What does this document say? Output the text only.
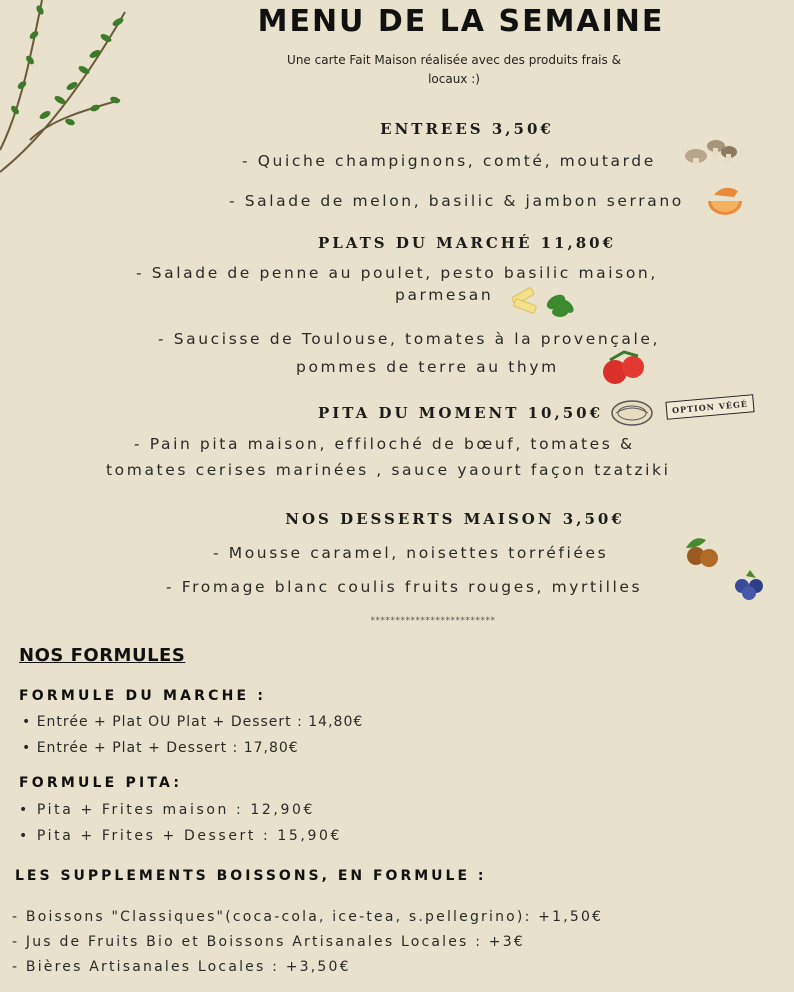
MENU DE LA SEMAINE
Une carte Fait Maison réalisée avec des produits frais &
locaux :)
ENTREES 3,50€
- Quiche champignons, comté, moutarde
- Salade de melon, basilic & jambon serrano
PLATS DU MARCHÉ 11,80€
- Salade de penne au poulet, pesto basilic maison,
parmesan
- Saucisse de Toulouse, tomates à la provençale,
pommes de terre au thym
PITA DU MOMENT 10,50€	OPTION VÉGÉ
- Pain pita maison, effiloché de bœuf, tomates &
tomates cerises marinées , sauce yaourt façon tzatziki
NOS DESSERTS MAISON 3,50€
- Mousse caramel, noisettes torréfiées
- Fromage blanc coulis fruits rouges, myrtilles
*************************
NOS FORMULES
FORMULE DU MARCHE :
• Entrée + Plat OU Plat + Dessert : 14,80€
• Entrée + Plat + Dessert : 17,80€
FORMULE PITA:
• Pita + Frites maison : 12,90€
• Pita + Frites + Dessert : 15,90€
LES SUPPLEMENTS BOISSONS, EN FORMULE :
- Boissons "Classiques"(coca-cola, ice-tea, s.pellegrino): +1,50€
- Jus de Fruits Bio et Boissons Artisanales Locales : +3€
- Bières Artisanales Locales : +3,50€
